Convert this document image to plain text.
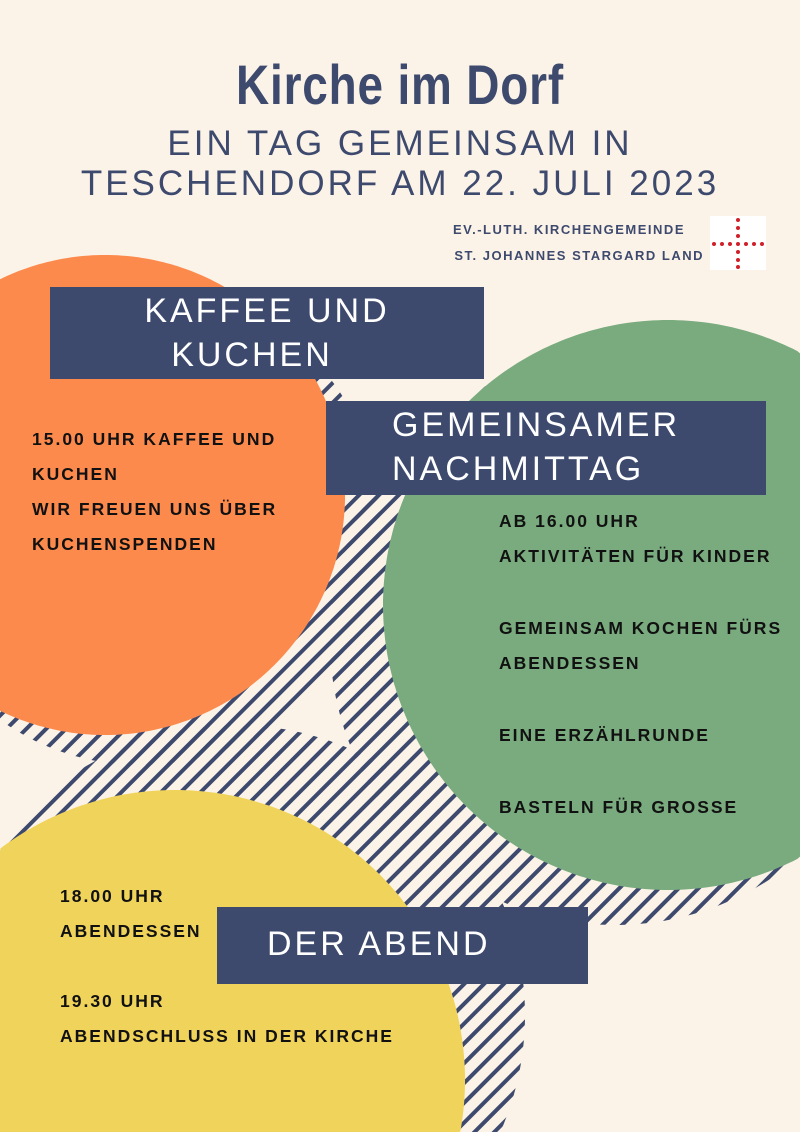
Kirche im Dorf
EIN TAG GEMEINSAM IN
TESCHENDORF AM 22. JULI 2023
EV.-LUTH. KIRCHENGEMEINDE
ST. JOHANNES STARGARD LAND
KAFFEE UND
KUCHEN
15.00 UHR KAFFEE UND
KUCHEN
WIR FREUEN UNS ÜBER
KUCHENSPENDEN
GEMEINSAMER
NACHMITTAG
AB 16.00 UHR
AKTIVITÄTEN FÜR KINDER
GEMEINSAM KOCHEN FÜRS
ABENDESSEN
EINE ERZÄHLRUNDE
BASTELN FÜR GROSSE
DER ABEND
18.00 UHR
ABENDESSEN
19.30 UHR
ABENDSCHLUSS IN DER KIRCHE
